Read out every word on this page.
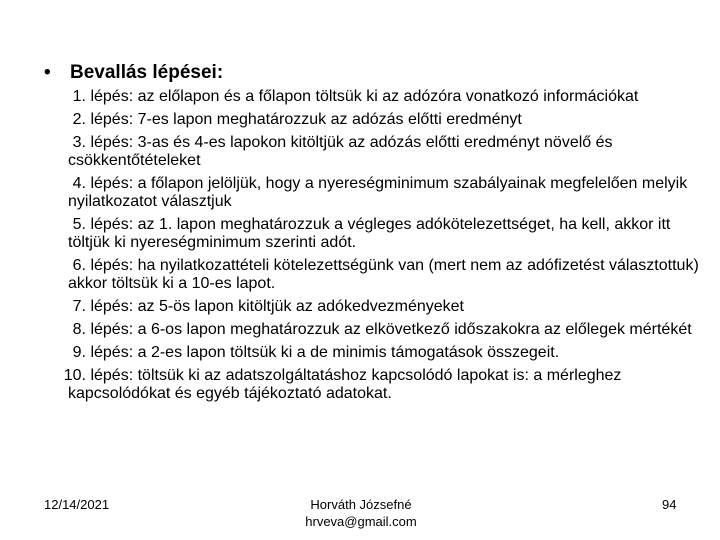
• Bevallás lépései:
1. lépés: az előlapon és a főlapon töltsük ki az adózóra vonatkozó információkat
2. lépés: 7-es lapon meghatározzuk az adózás előtti eredményt
3. lépés: 3-as és 4-es lapokon kitöltjük az adózás előtti eredményt növelő és csökkentőtételeket
4. lépés: a főlapon jelöljük, hogy a nyereségminimum szabályainak megfelelően melyik nyilatkozatot választjuk
5. lépés: az 1. lapon meghatározzuk a végleges adókötelezettséget, ha kell, akkor itt töltjük ki nyereségminimum szerinti adót.
6. lépés: ha nyilatkozattételi kötelezettségünk van (mert nem az adófizetést választottuk) akkor töltsük ki a 10-es lapot.
7. lépés: az 5-ös lapon kitöltjük az adókedvezményeket
8. lépés: a 6-os lapon meghatározzuk az elkövetkező időszakokra az előlegek mértékét
9. lépés: a 2-es lapon töltsük ki a de minimis támogatások összegeit.
10. lépés: töltsük ki az adatszolgáltatáshoz kapcsolódó lapokat is: a mérleghez kapcsolódókat és egyéb tájékoztató adatokat.
12/14/2021	Horváth Józsefné
hrveva@gmail.com
94
